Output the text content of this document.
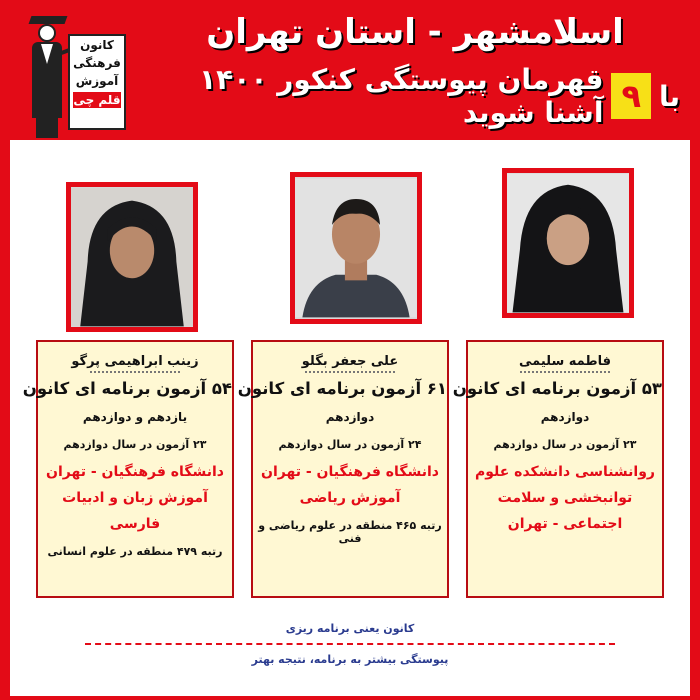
کانون
فرهنگی
آموزش
قلم چی
اسلامشهر - استان تهران
با
۹
قهرمان پیوستگی کنکور ۱۴۰۰ آشنا شوید
زینب ابراهیمی پرگو
۵۴ آزمون برنامه ای کانون
یازدهم و دوازدهم
۲۳ آزمون در سال دوازدهم
دانشگاه فرهنگیان - تهران آموزش زبان و ادبیات فارسی
رتبه ۴۷۹ منطقه در علوم انسانی
علی جعفر بگلو
۶۱ آزمون برنامه ای کانون
دوازدهم
۲۴ آزمون در سال دوازدهم
دانشگاه فرهنگیان - تهران آموزش ریاضی
رتبه ۴۶۵ منطقه در علوم ریاضی و فنی
فاطمه سلیمی
۵۳ آزمون برنامه ای کانون
دوازدهم
۲۳ آزمون در سال دوازدهم
روانشناسی دانشکده علوم توانبخشی و سلامت اجتماعی - تهران
کانون یعنی برنامه ریزی
پیوستگی بیشتر به برنامه، نتیجه بهتر
